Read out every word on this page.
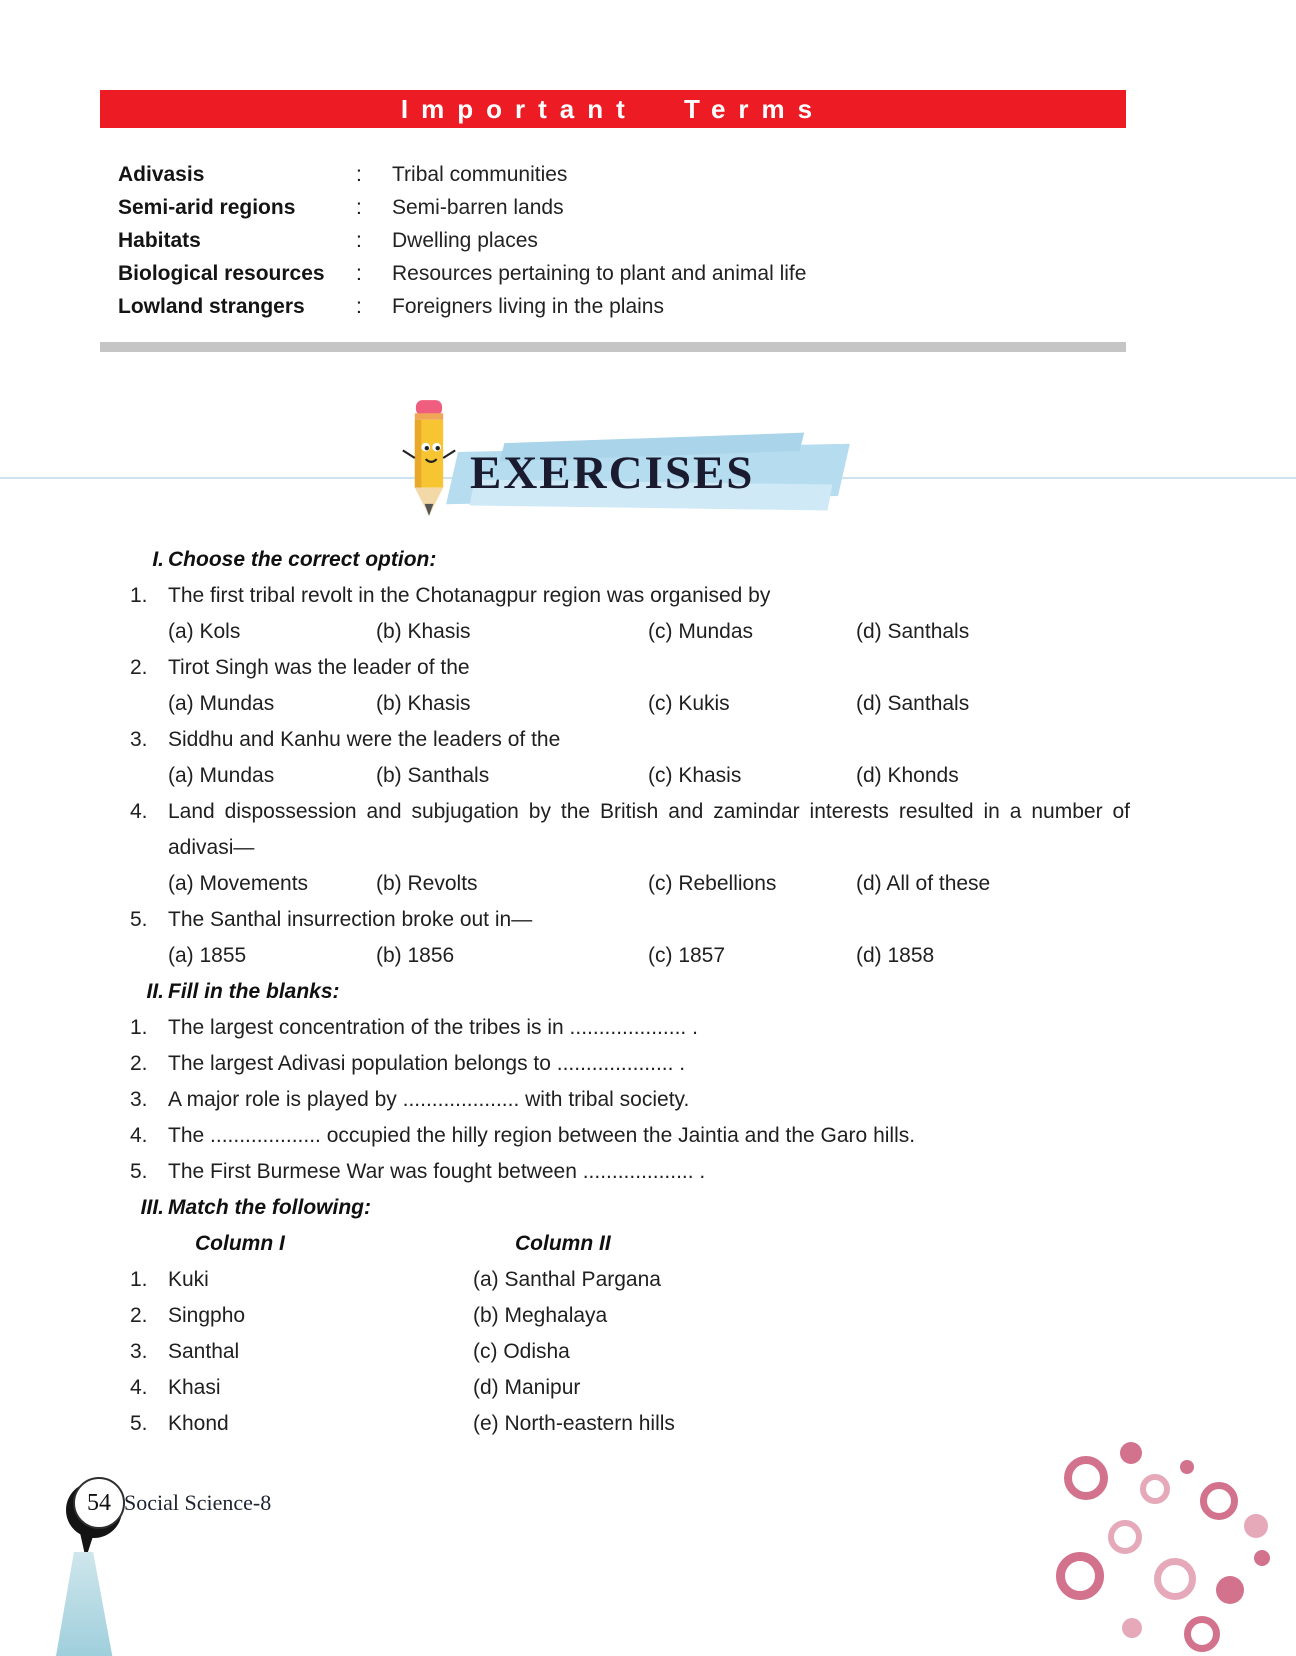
Important Terms
Adivasis	:	Tribal communities
Semi-arid regions	:	Semi-barren lands
Habitats	:	Dwelling places
Biological resources	:	Resources pertaining to plant and animal life
Lowland strangers	:	Foreigners living in the plains
EXERCISES
I. Choose the correct option:
1. The first tribal revolt in the Chotanagpur region was organised by
(a) Kols	(b) Khasis	(c) Mundas	(d) Santhals
2. Tirot Singh was the leader of the
(a) Mundas	(b) Khasis	(c) Kukis	(d) Santhals
3. Siddhu and Kanhu were the leaders of the
(a) Mundas	(b) Santhals	(c) Khasis	(d) Khonds
4. Land dispossession and subjugation by the British and zamindar interests resulted in a number of adivasi—
(a) Movements	(b) Revolts	(c) Rebellions	(d) All of these
5. The Santhal insurrection broke out in—
(a) 1855	(b) 1856	(c) 1857	(d) 1858
II. Fill in the blanks:
1. The largest concentration of the tribes is in .................... .
2. The largest Adivasi population belongs to .................... .
3. A major role is played by .................... with tribal society.
4. The ................... occupied the hilly region between the Jaintia and the Garo hills.
5. The First Burmese War was fought between ................... .
III. Match the following:
Column I	Column II
1. Kuki	(a) Santhal Pargana
2. Singpho	(b) Meghalaya
3. Santhal	(c) Odisha
4. Khasi	(d) Manipur
5. Khond	(e) North-eastern hills
54 Social Science-8
